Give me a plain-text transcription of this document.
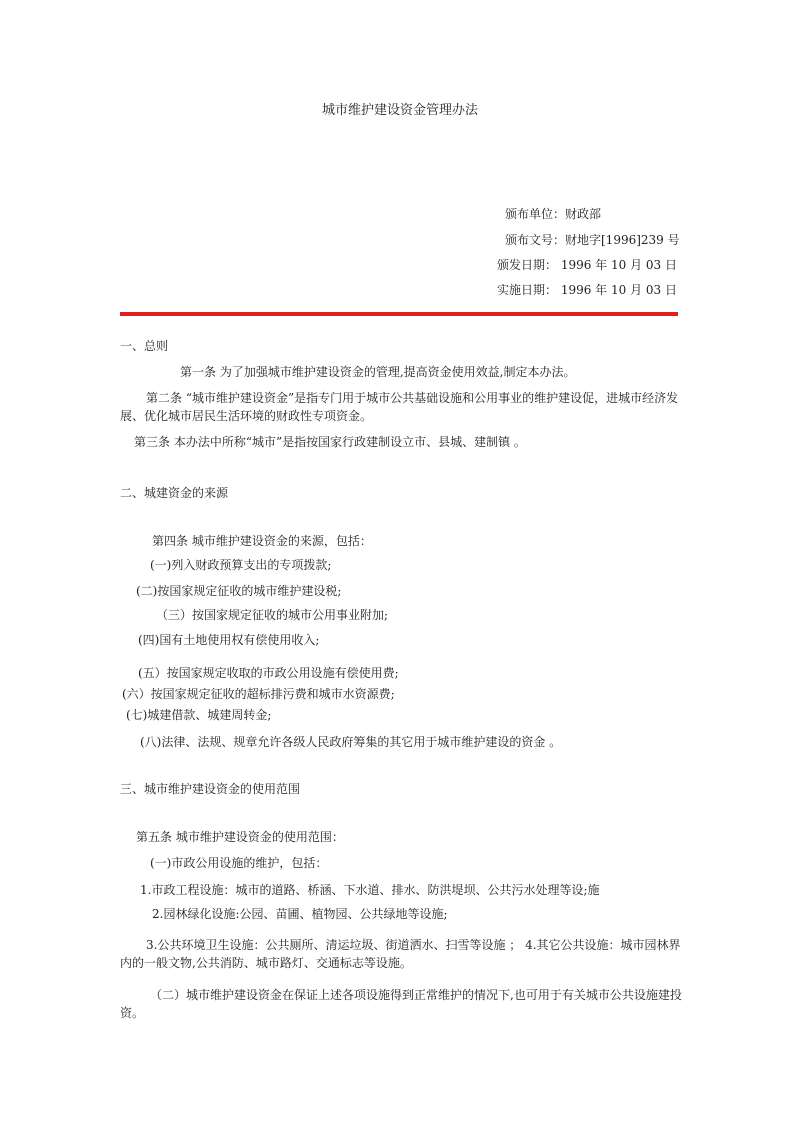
城市维护建设资金管理办法
颁布单位：财政部
颁布文号：财地字[1996]239 号
颁发日期： 1996 年 10 月 03 日
实施日期： 1996 年 10 月 03 日
一、总则
第一条 为了加强城市维护建设资金的管理,提高资金使用效益,制定本办法。
第二条 “城市维护建设资金”是指专门用于城市公共基础设施和公用事业的维护建设促，进城市经济发展、优化城市居民生活环境的财政性专项资金。
第三条 本办法中所称“城市”是指按国家行政建制设立市、县城、建制镇 。
二、城建资金的来源
第四条 城市维护建设资金的来源，包括：
(一)列入财政预算支出的专项拨款;
(二)按国家规定征收的城市维护建设税;
（三）按国家规定征收的城市公用事业附加;
(四)国有土地使用权有偿使用收入;
(五）按国家规定收取的市政公用设施有偿使用费;
(六）按国家规定征收的超标排污费和城市水资源费;
(七)城建借款、城建周转金;
(八)法律、法规、规章允许各级人民政府筹集的其它用于城市维护建设的资金 。
三、城市维护建设资金的使用范围
第五条 城市维护建设资金的使用范围：
(一)市政公用设施的维护，包括：
1.市政工程设施：城市的道路、桥涵、下水道、排水、防洪堤坝、公共污水处理等设;施
2.园林绿化设施:公园、苗圃、植物园、公共绿地等设施;
3.公共环境卫生设施：公共厕所、清运垃圾、街道洒水、扫雪等设施 ； 4.其它公共设施：城市园林界内的一般文物,公共消防、城市路灯、交通标志等设施。
（二）城市维护建设资金在保证上述各项设施得到正常维护的情况下,也可用于有关城市公共设施建投资。
